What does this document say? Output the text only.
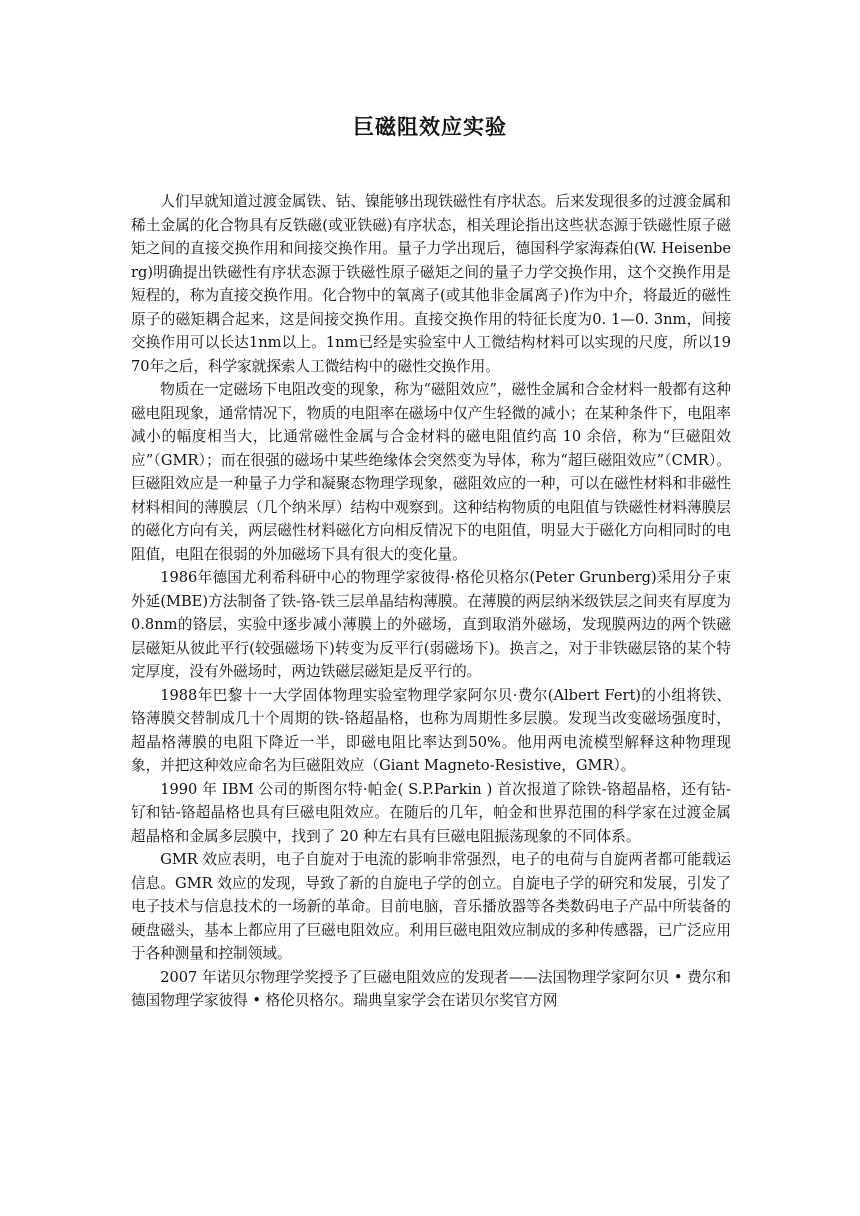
巨磁阻效应实验

人们早就知道过渡金属铁、钴、镍能够出现铁磁性有序状态。后来发现很多的过渡金属和稀土金属的化合物具有反铁磁(或亚铁磁)有序状态，相关理论指出这些状态源于铁磁性原子磁矩之间的直接交换作用和间接交换作用。量子力学出现后，德国科学家海森伯(W. Heisenberg)明确提出铁磁性有序状态源于铁磁性原子磁矩之间的量子力学交换作用，这个交换作用是短程的，称为直接交换作用。化合物中的氧离子(或其他非金属离子)作为中介，将最近的磁性原子的磁矩耦合起来，这是间接交换作用。直接交换作用的特征长度为0. 1—0. 3nm，间接交换作用可以长达1nm以上。1nm已经是实验室中人工微结构材料可以实现的尺度，所以1970年之后，科学家就探索人工微结构中的磁性交换作用。

物质在一定磁场下电阻改变的现象，称为“磁阻效应”，磁性金属和合金材料一般都有这种磁电阻现象，通常情况下，物质的电阻率在磁场中仅产生轻微的减小；在某种条件下，电阻率减小的幅度相当大，比通常磁性金属与合金材料的磁电阻值约高 10 余倍，称为“巨磁阻效应”（GMR）；而在很强的磁场中某些绝缘体会突然变为导体，称为“超巨磁阻效应”（CMR）。巨磁阻效应是一种量子力学和凝聚态物理学现象，磁阻效应的一种，可以在磁性材料和非磁性材料相间的薄膜层（几个纳米厚）结构中观察到。这种结构物质的电阻值与铁磁性材料薄膜层的磁化方向有关，两层磁性材料磁化方向相反情况下的电阻值，明显大于磁化方向相同时的电阻值，电阻在很弱的外加磁场下具有很大的变化量。

1986年德国尤利希科研中心的物理学家彼得·格伦贝格尔(Peter Grunberg)采用分子束外延(MBE)方法制备了铁-铬-铁三层单晶结构薄膜。在薄膜的两层纳米级铁层之间夹有厚度为0.8nm的铬层，实验中逐步减小薄膜上的外磁场，直到取消外磁场，发现膜两边的两个铁磁层磁矩从彼此平行(较强磁场下)转变为反平行(弱磁场下)。换言之，对于非铁磁层铬的某个特定厚度，没有外磁场时，两边铁磁层磁矩是反平行的。

1988年巴黎十一大学固体物理实验室物理学家阿尔贝·费尔(Albert Fert)的小组将铁、铬薄膜交替制成几十个周期的铁-铬超晶格，也称为周期性多层膜。发现当改变磁场强度时，超晶格薄膜的电阻下降近一半，即磁电阻比率达到50%。他用两电流模型解释这种物理现象，并把这种效应命名为巨磁阻效应（Giant Magneto-Resistive，GMR）。

1990 年 IBM 公司的斯图尔特·帕金( S.P.Parkin ) 首次报道了除铁-铬超晶格，还有钴-钌和钴-铬超晶格也具有巨磁电阻效应。在随后的几年，帕金和世界范围的科学家在过渡金属超晶格和金属多层膜中，找到了 20 种左右具有巨磁电阻振荡现象的不同体系。

GMR 效应表明，电子自旋对于电流的影响非常强烈，电子的电荷与自旋两者都可能载运信息。GMR 效应的发现，导致了新的自旋电子学的创立。自旋电子学的研究和发展，引发了电子技术与信息技术的一场新的革命。目前电脑，音乐播放器等各类数码电子产品中所装备的硬盘磁头，基本上都应用了巨磁电阻效应。利用巨磁电阻效应制成的多种传感器，已广泛应用于各种测量和控制领域。

2007 年诺贝尔物理学奖授予了巨磁电阻效应的发现者——法国物理学家阿尔贝 • 费尔和德国物理学家彼得 • 格伦贝格尔。瑞典皇家学会在诺贝尔奖官方网
